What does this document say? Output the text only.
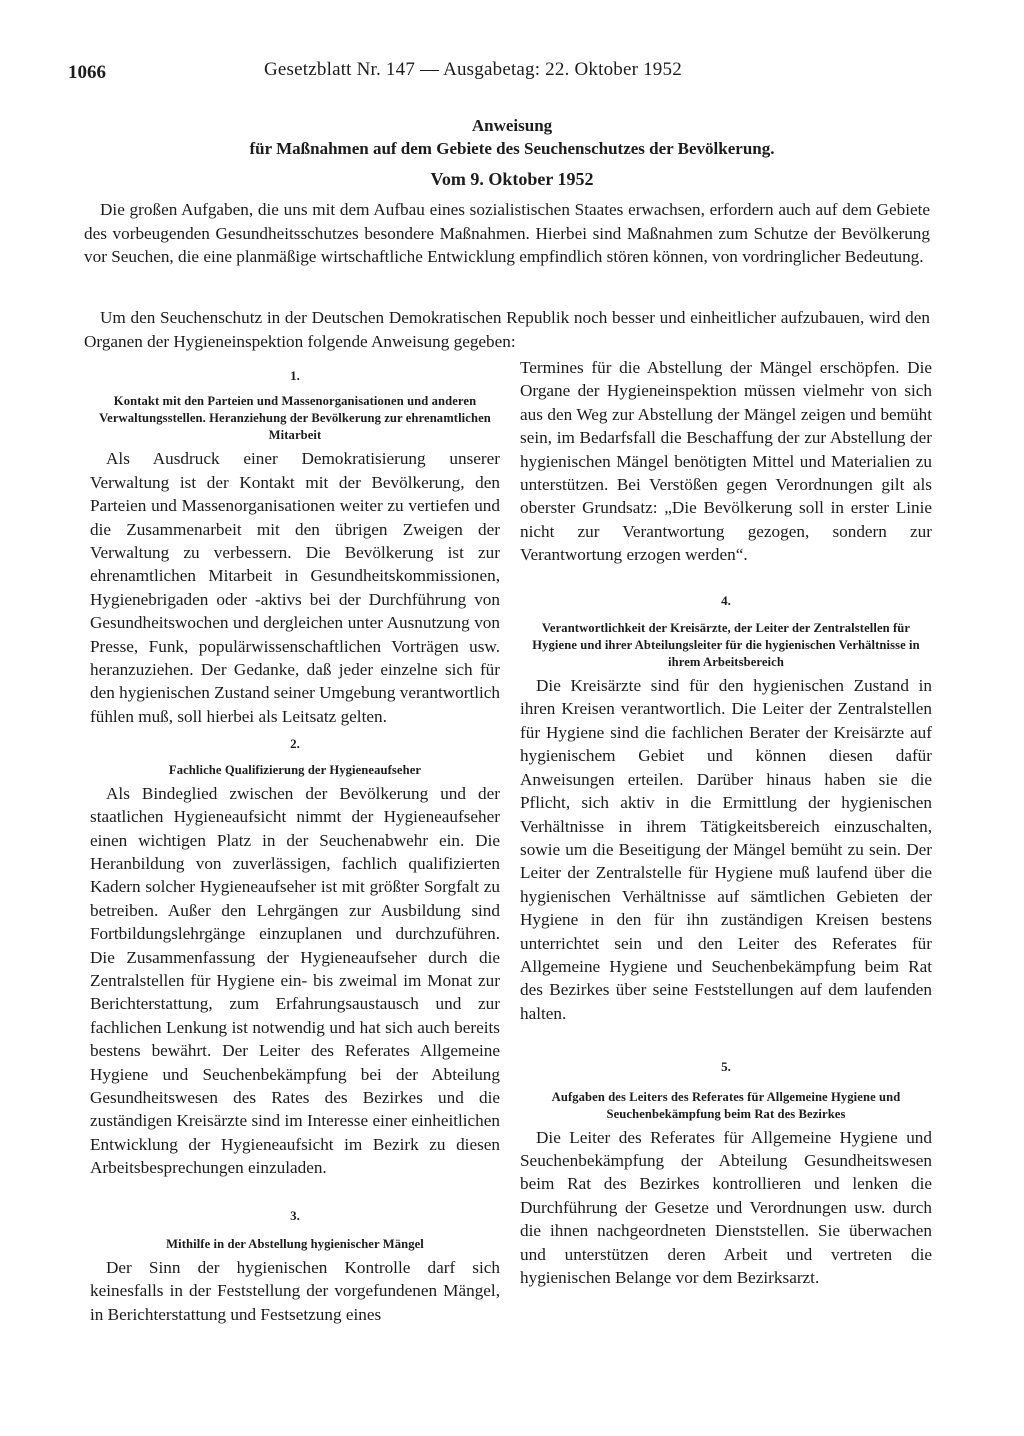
1066	Gesetzblatt Nr. 147 — Ausgabetag: 22. Oktober 1952
Anweisung
für Maßnahmen auf dem Gebiete des Seuchenschutzes der Bevölkerung.
Vom 9. Oktober 1952

Die großen Aufgaben, die uns mit dem Aufbau eines sozialistischen Staates erwachsen, erfordern auch auf dem Gebiete des vorbeugenden Gesundheitsschutzes besondere Maßnahmen. Hierbei sind Maßnahmen zum Schutze der Bevölkerung vor Seuchen, die eine planmäßige wirtschaftliche Entwicklung empfindlich stören können, von vordringlicher Bedeutung.

Um den Seuchenschutz in der Deutschen Demokratischen Republik noch besser und einheitlicher aufzubauen, wird den Organen der Hygieneinspektion folgende Anweisung gegeben:

1.

Kontakt mit den Parteien und Massenorganisationen und anderen Verwaltungsstellen. Heranziehung der Bevölkerung zur ehrenamtlichen Mitarbeit

Als Ausdruck einer Demokratisierung unserer Verwaltung ist der Kontakt mit der Bevölkerung, den Parteien und Massenorganisationen weiter zu vertiefen und die Zusammenarbeit mit den übrigen Zweigen der Verwaltung zu verbessern. Die Bevölkerung ist zur ehrenamtlichen Mitarbeit in Gesundheitskommissionen, Hygienebrigaden oder -aktivs bei der Durchführung von Gesundheitswochen und dergleichen unter Ausnutzung von Presse, Funk, populärwissenschaftlichen Vorträgen usw. heranzuziehen. Der Gedanke, daß jeder einzelne sich für den hygienischen Zustand seiner Umgebung verantwortlich fühlen muß, soll hierbei als Leitsatz gelten.

2.

Fachliche Qualifizierung der Hygieneaufseher

Als Bindeglied zwischen der Bevölkerung und der staatlichen Hygieneaufsicht nimmt der Hygieneaufseher einen wichtigen Platz in der Seuchenabwehr ein. Die Heranbildung von zuverlässigen, fachlich qualifizierten Kadern solcher Hygieneaufseher ist mit größter Sorgfalt zu betreiben. Außer den Lehrgängen zur Ausbildung sind Fortbildungslehrgänge einzuplanen und durchzuführen. Die Zusammenfassung der Hygieneaufseher durch die Zentralstellen für Hygiene ein- bis zweimal im Monat zur Berichterstattung, zum Erfahrungsaustausch und zur fachlichen Lenkung ist notwendig und hat sich auch bereits bestens bewährt. Der Leiter des Referates Allgemeine Hygiene und Seuchenbekämpfung bei der Abteilung Gesundheitswesen des Rates des Bezirkes und die zuständigen Kreisärzte sind im Interesse einer einheitlichen Entwicklung der Hygieneaufsicht im Bezirk zu diesen Arbeitsbesprechungen einzuladen.

3.

Mithilfe in der Abstellung hygienischer Mängel

Der Sinn der hygienischen Kontrolle darf sich keinesfalls in der Feststellung der vorgefundenen Mängel, in Berichterstattung und Festsetzung eines

Termines für die Abstellung der Mängel erschöpfen. Die Organe der Hygieneinspektion müssen vielmehr von sich aus den Weg zur Abstellung der Mängel zeigen und bemüht sein, im Bedarfsfall die Beschaffung der zur Abstellung der hygienischen Mängel benötigten Mittel und Materialien zu unterstützen. Bei Verstößen gegen Verordnungen gilt als oberster Grundsatz: „Die Bevölkerung soll in erster Linie nicht zur Verantwortung gezogen, sondern zur Verantwortung erzogen werden“.

4.

Verantwortlichkeit der Kreisärzte, der Leiter der Zentralstellen für Hygiene und ihrer Abteilungsleiter für die hygienischen Verhältnisse in ihrem Arbeitsbereich

Die Kreisärzte sind für den hygienischen Zustand in ihren Kreisen verantwortlich. Die Leiter der Zentralstellen für Hygiene sind die fachlichen Berater der Kreisärzte auf hygienischem Gebiet und können diesen dafür Anweisungen erteilen. Darüber hinaus haben sie die Pflicht, sich aktiv in die Ermittlung der hygienischen Verhältnisse in ihrem Tätigkeitsbereich einzuschalten, sowie um die Beseitigung der Mängel bemüht zu sein. Der Leiter der Zentralstelle für Hygiene muß laufend über die hygienischen Verhältnisse auf sämtlichen Gebieten der Hygiene in den für ihn zuständigen Kreisen bestens unterrichtet sein und den Leiter des Referates für Allgemeine Hygiene und Seuchenbekämpfung beim Rat des Bezirkes über seine Feststellungen auf dem laufenden halten.

5.

Aufgaben des Leiters des Referates für Allgemeine Hygiene und Seuchenbekämpfung beim Rat des Bezirkes

Die Leiter des Referates für Allgemeine Hygiene und Seuchenbekämpfung der Abteilung Gesundheitswesen beim Rat des Bezirkes kontrollieren und lenken die Durchführung der Gesetze und Verordnungen usw. durch die ihnen nachgeordneten Dienststellen. Sie überwachen und unterstützen deren Arbeit und vertreten die hygienischen Belange vor dem Bezirksarzt.
